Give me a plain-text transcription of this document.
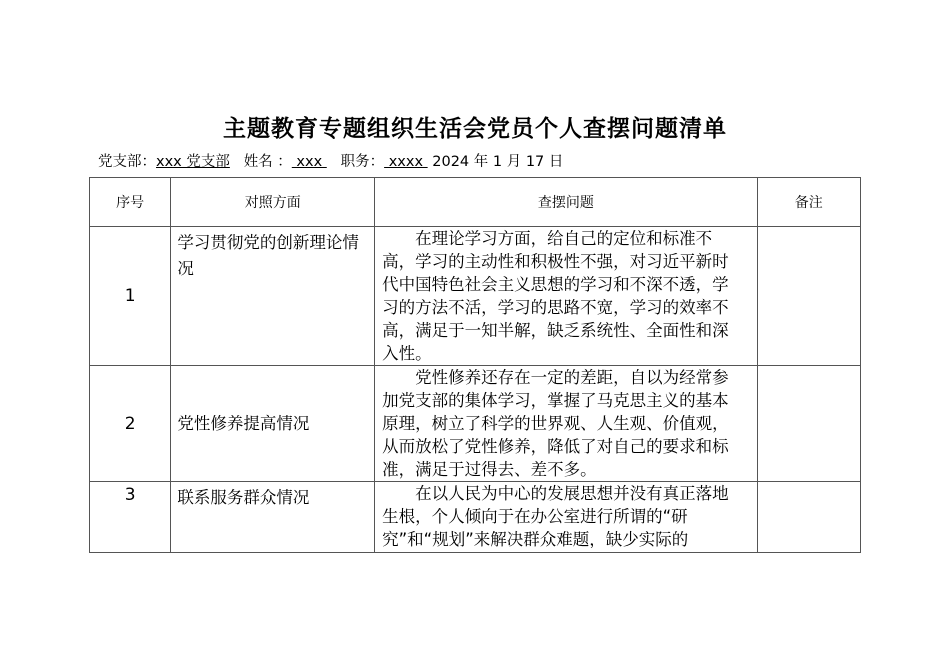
主题教育专题组织生活会党员个人查摆问题清单
党支部：xxx 党支部 姓名 ： xxx    职务： xxxx  2024 年 1 月 17 日
序号	对照方面	查摆问题	备注
1	学习贯彻党的创新理论情况	在理论学习方面，给自己的定位和标准不高，学习的主动性和积极性不强，对习近平新时代中国特色社会主义思想的学习和不深不透，学习的方法不活，学习的思路不宽，学习的效率不高，满足于一知半解，缺乏系统性、全面性和深入性。	
2	党性修养提高情况	党性修养还存在一定的差距，自以为经常参加党支部的集体学习，掌握了马克思主义的基本原理，树立了科学的世界观、人生观、价值观，从而放松了党性修养，降低了对自己的要求和标准，满足于过得去、差不多。	
3	联系服务群众情况	在以人民为中心的发展思想并没有真正落地生根，个人倾向于在办公室进行所谓的“研究”和“规划”来解决群众难题，缺少实际的	
